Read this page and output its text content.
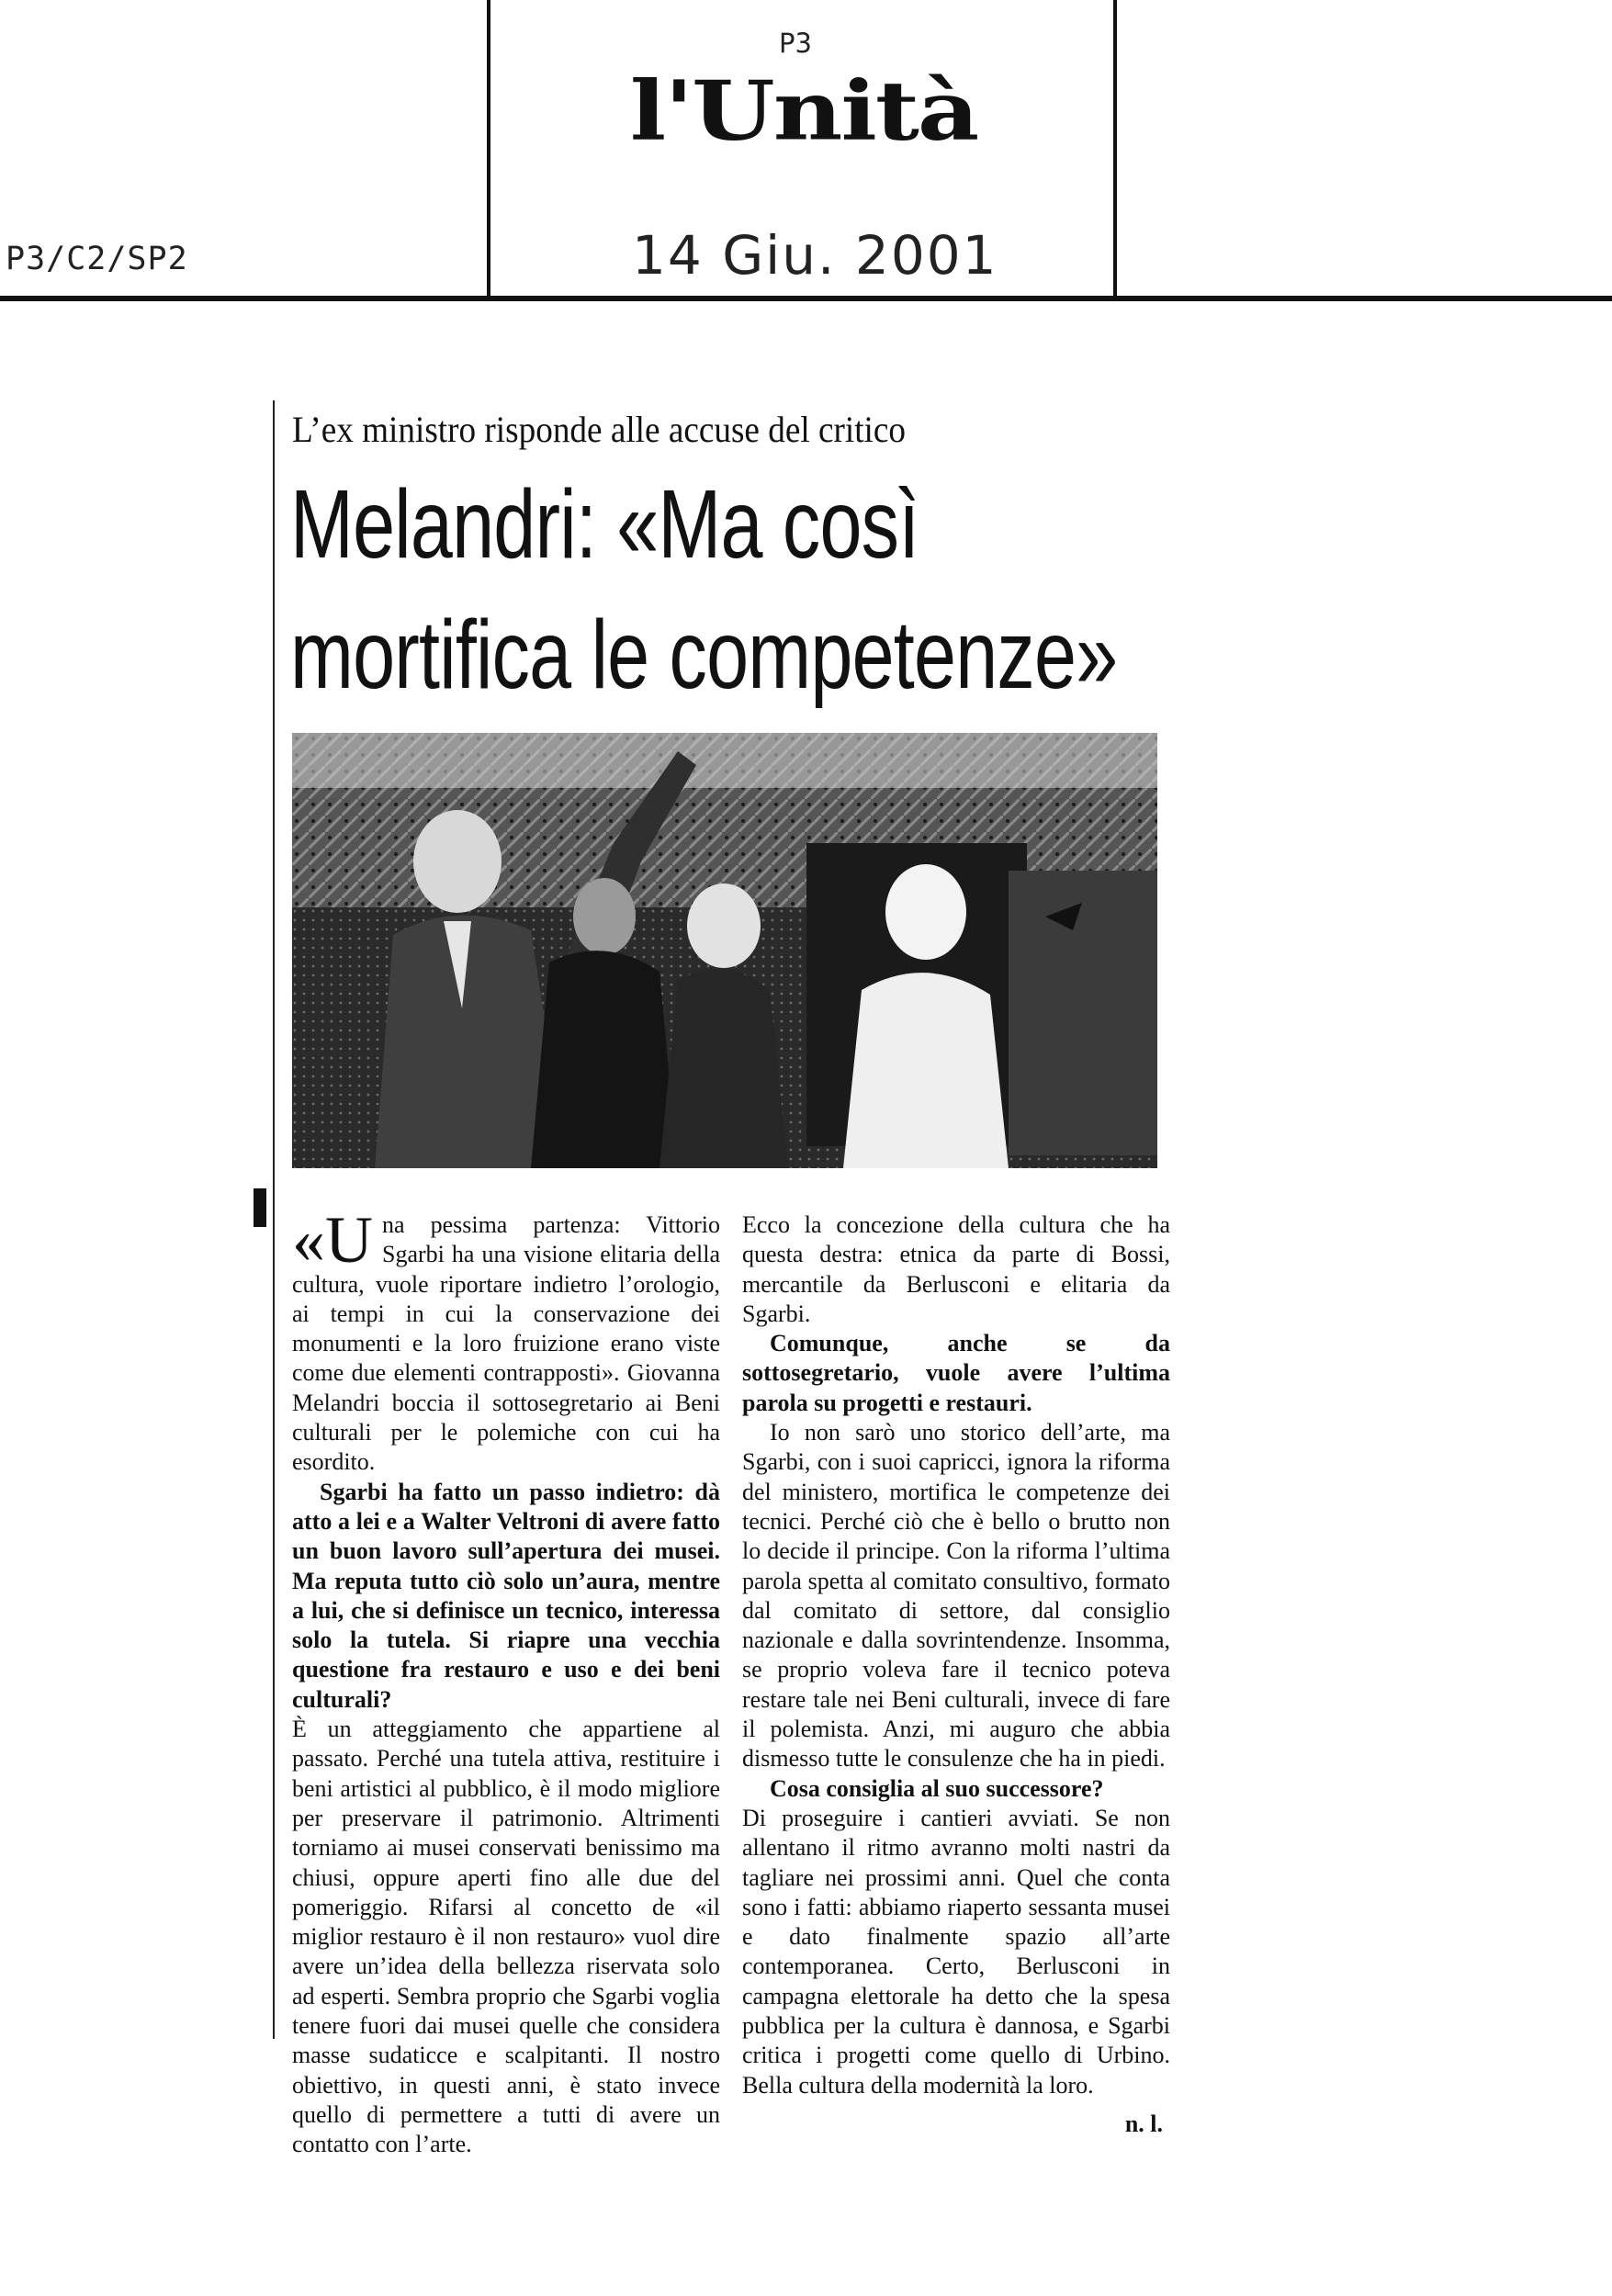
P3/C2/SP2
P3
l'Unità
14 Giu. 2001
L’ex ministro risponde alle accuse del critico
Melandri: «Ma così
mortifica le competenze»

«Una pessima partenza: Vittorio Sgarbi ha una visione elitaria della cultura, vuole riportare indietro l’orologio, ai tempi in cui la conservazione dei monumenti e la loro fruizione erano viste come due elementi contrapposti». Giovanna Melandri boccia il sottosegretario ai Beni culturali per le polemiche con cui ha esordito.

Sgarbi ha fatto un passo indietro: dà atto a lei e a Walter Veltroni di avere fatto un buon lavoro sull’apertura dei musei. Ma reputa tutto ciò solo un’aura, mentre a lui, che si definisce un tecnico, interessa solo la tutela. Si riapre una vecchia questione fra restauro e uso e dei beni culturali?

È un atteggiamento che appartiene al passato. Perché una tutela attiva, restituire i beni artistici al pubblico, è il modo migliore per preservare il patrimonio. Altrimenti torniamo ai musei conservati benissimo ma chiusi, oppure aperti fino alle due del pomeriggio. Rifarsi al concetto de «il miglior restauro è il non restauro» vuol dire avere un’idea della bellezza riservata solo ad esperti. Sembra proprio che Sgarbi voglia tenere fuori dai musei quelle che considera masse sudaticce e scalpitanti. Il nostro obiettivo, in questi anni, è stato invece quello di permettere a tutti di avere un contatto con l’arte.

Ecco la concezione della cultura che ha questa destra: etnica da parte di Bossi, mercantile da Berlusconi e elitaria da Sgarbi.

Comunque, anche se da sottosegretario, vuole avere l’ultima parola su progetti e restauri.

Io non sarò uno storico dell’arte, ma Sgarbi, con i suoi capricci, ignora la riforma del ministero, mortifica le competenze dei tecnici. Perché ciò che è bello o brutto non lo decide il principe. Con la riforma l’ultima parola spetta al comitato consultivo, formato dal comitato di settore, dal consiglio nazionale e dalla sovrintendenze. Insomma, se proprio voleva fare il tecnico poteva restare tale nei Beni culturali, invece di fare il polemista. Anzi, mi auguro che abbia dismesso tutte le consulenze che ha in piedi.

Cosa consiglia al suo successore?

Di proseguire i cantieri avviati. Se non allentano il ritmo avranno molti nastri da tagliare nei prossimi anni. Quel che conta sono i fatti: abbiamo riaperto sessanta musei e dato finalmente spazio all’arte contemporanea. Certo, Berlusconi in campagna elettorale ha detto che la spesa pubblica per la cultura è dannosa, e Sgarbi critica i progetti come quello di Urbino. Bella cultura della modernità la loro.

n. l.
